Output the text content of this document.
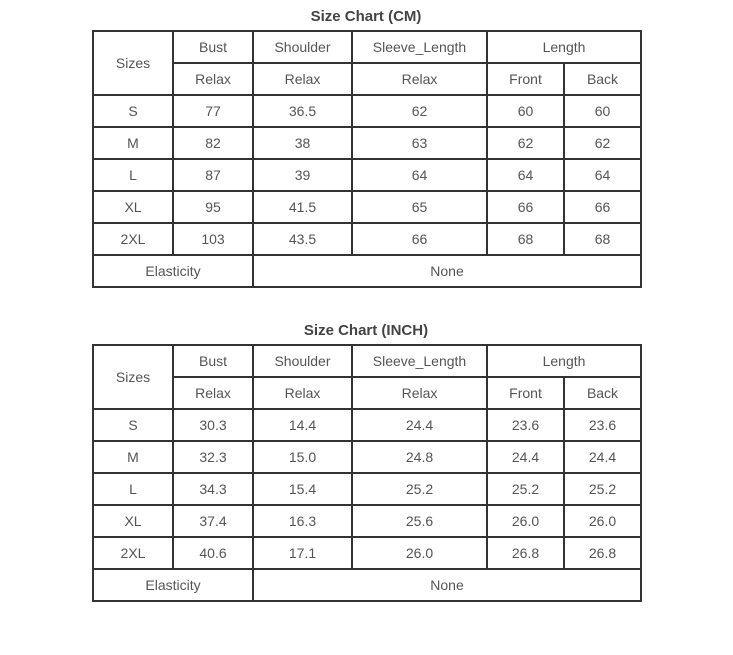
Size Chart (CM)
Sizes	Bust	Shoulder	Sleeve_Length	Length	
	Relax	Relax	Relax	Front	Back
S	77	36.5	62	60	60
M	82	38	63	62	62
L	87	39	64	64	64
XL	95	41.5	65	66	66
2XL	103	43.5	66	68	68
Elasticity		None			
Size Chart (INCH)
Sizes	Bust	Shoulder	Sleeve_Length	Length	
	Relax	Relax	Relax	Front	Back
S	30.3	14.4	24.4	23.6	23.6
M	32.3	15.0	24.8	24.4	24.4
L	34.3	15.4	25.2	25.2	25.2
XL	37.4	16.3	25.6	26.0	26.0
2XL	40.6	17.1	26.0	26.8	26.8
Elasticity		None			
